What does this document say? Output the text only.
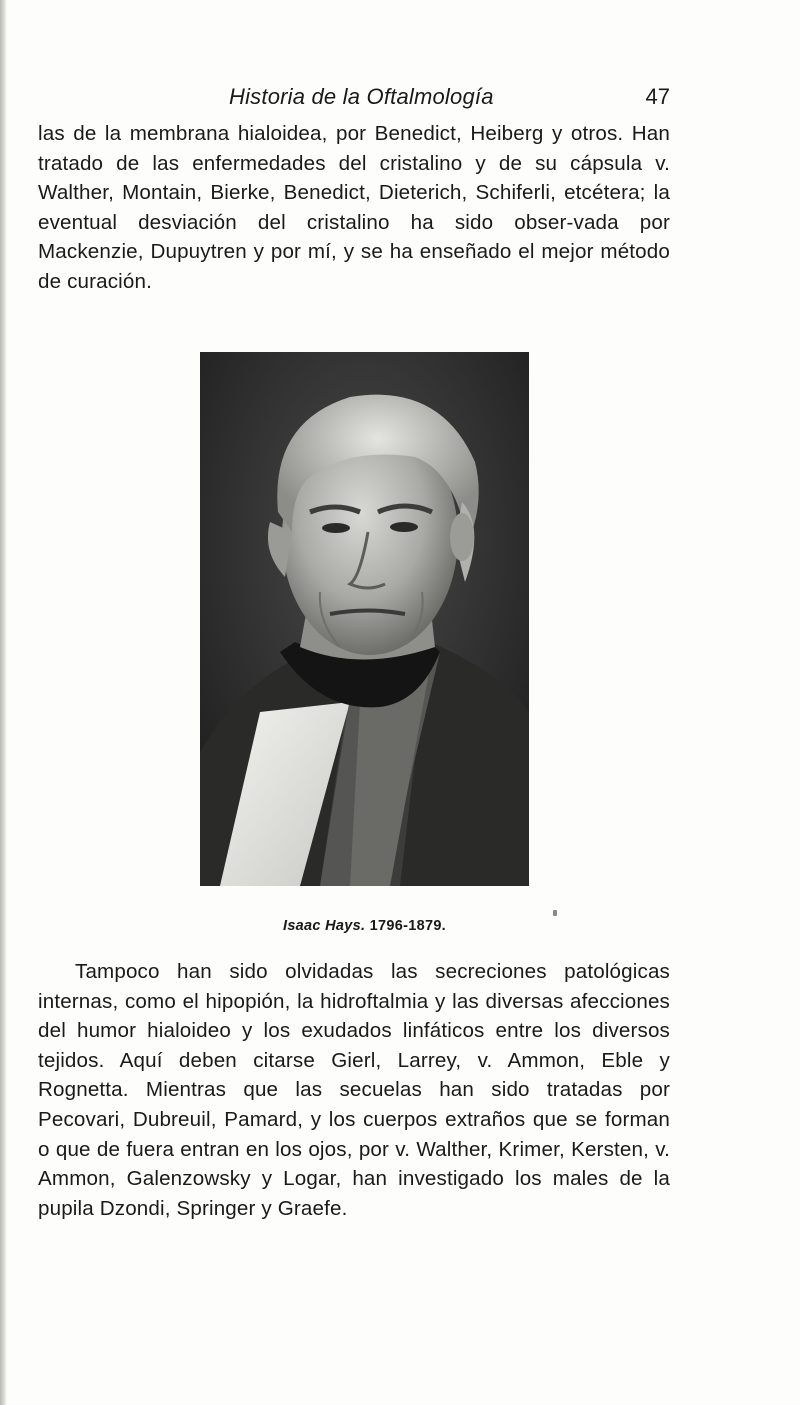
Historia de la Oftalmología	47

las de la membrana hialoidea, por Benedict, Heiberg y otros. Han tratado de las enfermedades del cristalino y de su cápsula v. Walther, Montain, Bierke, Benedict, Dieterich, Schiferli, etcétera; la eventual desviación del cristalino ha sido obser-vada por Mackenzie, Dupuytren y por mí, y se ha enseñado el mejor método de curación.

Isaac Hays. 1796-1879.

Tampoco han sido olvidadas las secreciones patológicas internas, como el hipopión, la hidroftalmia y las diversas afecciones del humor hialoideo y los exudados linfáticos entre los diversos tejidos. Aquí deben citarse Gierl, Larrey, v. Ammon, Eble y Rognetta. Mientras que las secuelas han sido tratadas por Pecovari, Dubreuil, Pamard, y los cuerpos extraños que se forman o que de fuera entran en los ojos, por v. Walther, Krimer, Kersten, v. Ammon, Galenzowsky y Logar, han investigado los males de la pupila Dzondi, Springer y Graefe.
